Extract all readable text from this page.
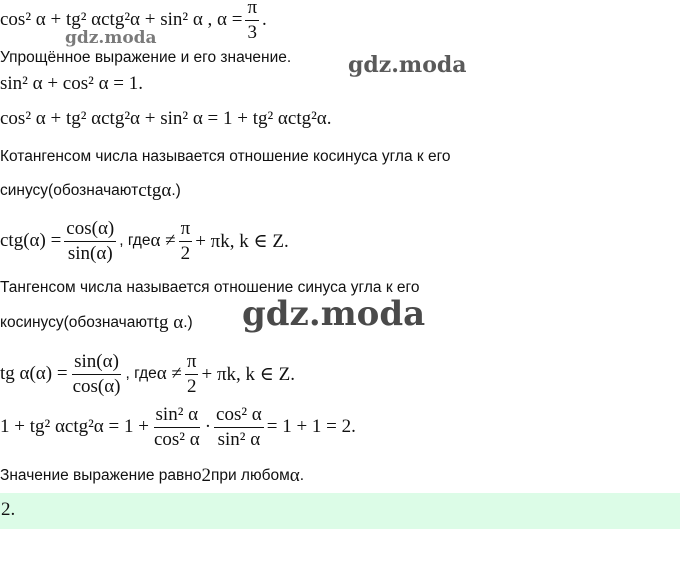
cos² α + tg² αctg²α + sin² α , $\alpha = \frac{\pi}{3}$ .
Упрощённое выражение и его значение.
sin² α + cos² α = 1.
cos² α + tg² αctg²α + sin² α = 1 + tg² αctg²α.
Котангенсом числа называется отношение косинуса угла к его
синусу(обозначают ctgα .)
$ctg(\alpha) = \frac{\cos(\alpha)}{\sin(\alpha)}$ , где $\alpha \ne \frac{\pi}{2} + \pi k$, k ∈ Z.
Тангенсом числа называется отношение синуса угла к его
косинусу(обозначают tg α .)
tg $\alpha(\alpha) = \frac{\sin(\alpha)}{\cos(\alpha)}$ , где $\alpha \ne \frac{\pi}{2} + \pi k$, k ∈ Z.
1 + tg² $\alpha ctg^2\alpha = 1 + \frac{\text{sin² α}}{\text{cos² α}} \cdot \frac{\text{cos² α}}{\text{sin² α}} = 1 + 1 = 2$.
Значение выражение равно 2 при любом α .
2.
gdz.moda
gdz.moda
gdz.moda
